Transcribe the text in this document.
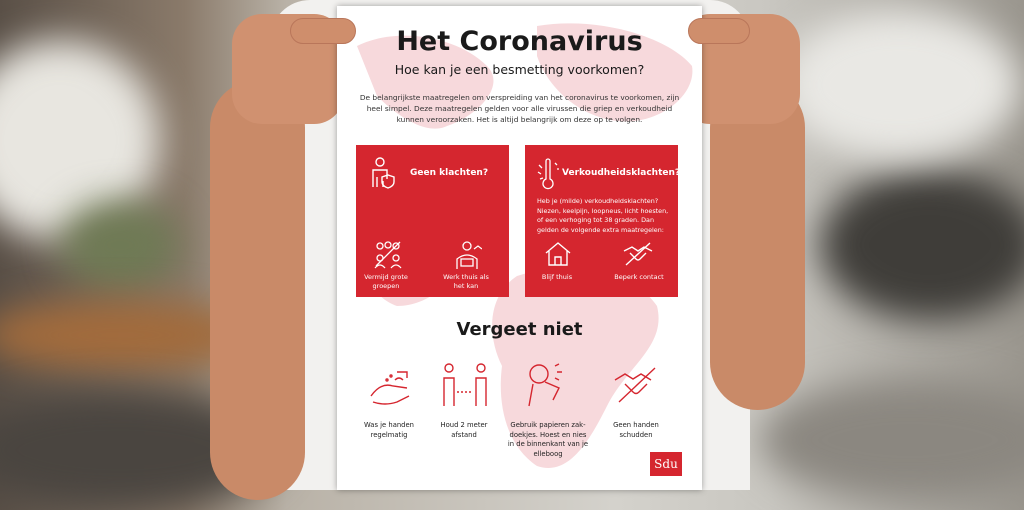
Het Coronavirus
Hoe kan je een besmetting voorkomen?
De belangrijkste maatregelen om verspreiding van het coronavirus te voorkomen, zijn heel simpel. Deze maatregelen gelden voor alle virussen die griep en verkoudheid kunnen veroorzaken. Het is altijd belangrijk om deze op te volgen.
Geen klachten?
Vermijd grote groepen
Werk thuis als het kan
Verkoudheidsklachten?
Heb je (milde) verkoudheidsklachten? Niezen, keelpijn, loopneus, licht hoesten, of een verhoging tot 38 graden. Dan gelden de volgende extra maatregelen:
Blijf thuis	Beperk contact
Vergeet niet
Was je handen regelmatig
Houd 2 meter afstand
Gebruik papieren zak-doekjes. Hoest en nies in de binnenkant van je elleboog
Geen handen schudden
Sdu
